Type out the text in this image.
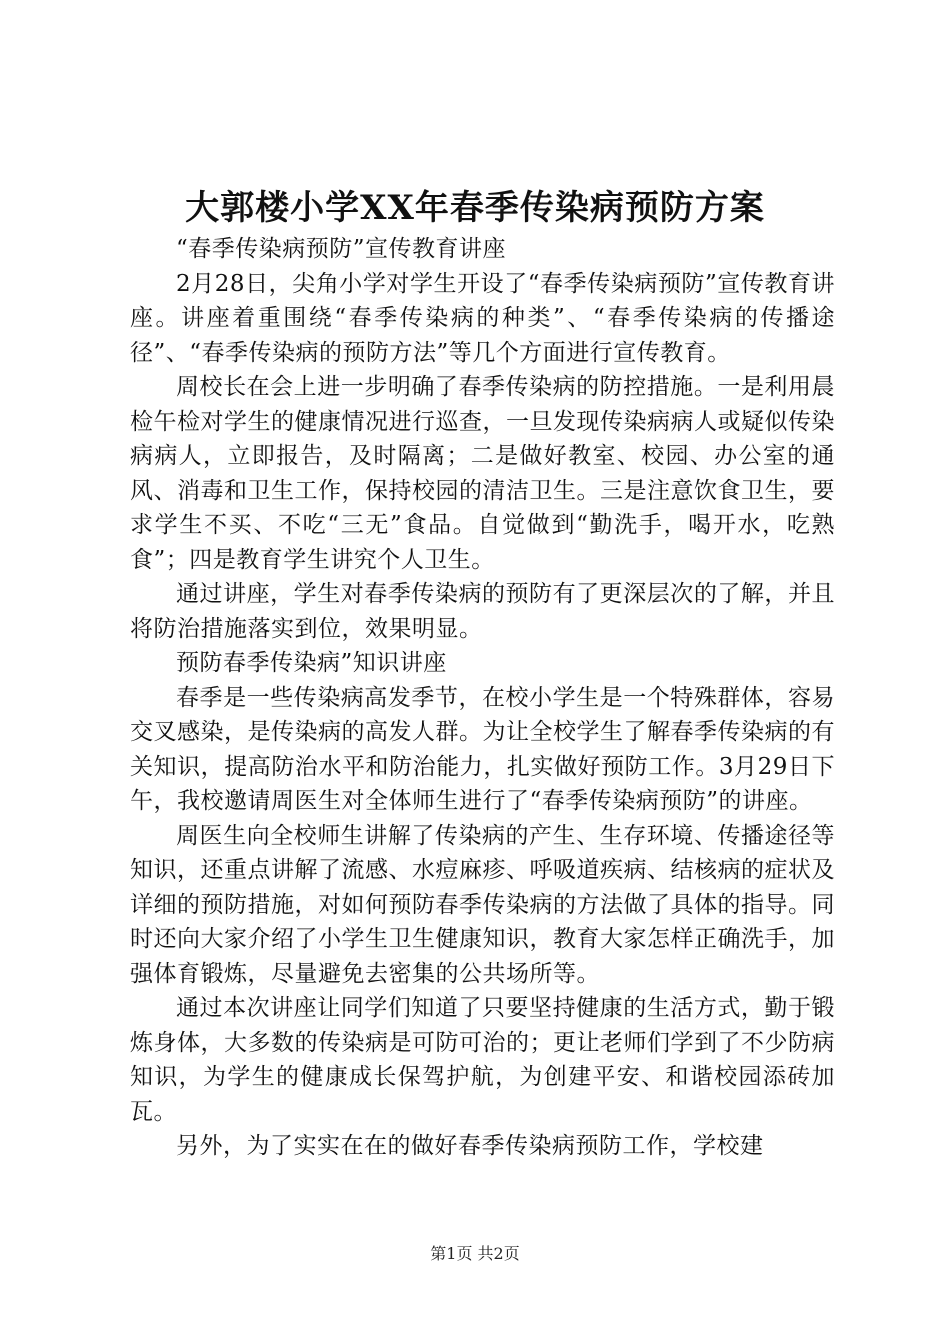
大郭楼小学XX年春季传染病预防方案

“春季传染病预防”宣传教育讲座

2月28日，尖角小学对学生开设了“春季传染病预防”宣传教育讲座。讲座着重围绕“春季传染病的种类”、“春季传染病的传播途径”、“春季传染病的预防方法”等几个方面进行宣传教育。

周校长在会上进一步明确了春季传染病的防控措施。一是利用晨检午检对学生的健康情况进行巡查，一旦发现传染病病人或疑似传染病病人，立即报告，及时隔离；二是做好教室、校园、办公室的通风、消毒和卫生工作，保持校园的清洁卫生。三是注意饮食卫生，要求学生不买、不吃“三无”食品。自觉做到“勤洗手，喝开水，吃熟食”；四是教育学生讲究个人卫生。

通过讲座，学生对春季传染病的预防有了更深层次的了解，并且将防治措施落实到位，效果明显。

预防春季传染病”知识讲座

春季是一些传染病高发季节，在校小学生是一个特殊群体，容易交叉感染，是传染病的高发人群。为让全校学生了解春季传染病的有关知识，提高防治水平和防治能力，扎实做好预防工作。3月29日下午，我校邀请周医生对全体师生进行了“春季传染病预防”的讲座。

周医生向全校师生讲解了传染病的产生、生存环境、传播途径等知识，还重点讲解了流感、水痘麻疹、呼吸道疾病、结核病的症状及详细的预防措施，对如何预防春季传染病的方法做了具体的指导。同时还向大家介绍了小学生卫生健康知识，教育大家怎样正确洗手，加强体育锻炼，尽量避免去密集的公共场所等。

通过本次讲座让同学们知道了只要坚持健康的生活方式，勤于锻炼身体，大多数的传染病是可防可治的；更让老师们学到了不少防病知识，为学生的健康成长保驾护航，为创建平安、和谐校园添砖加瓦。

另外，为了实实在在的做好春季传染病预防工作，学校建

第1页 共2页
